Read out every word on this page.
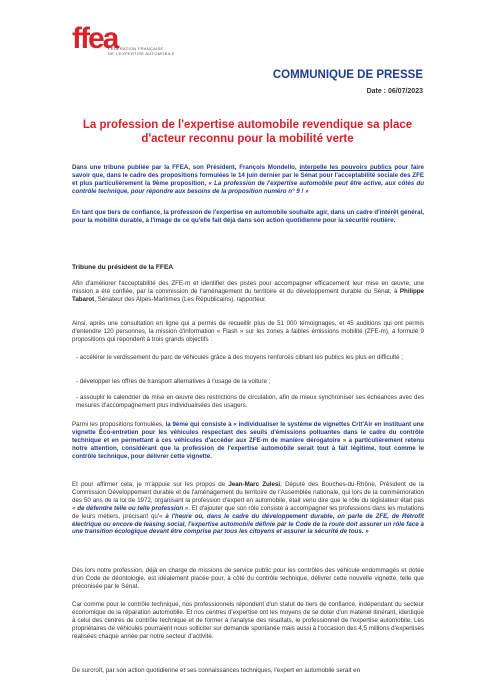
ffea
FÉDÉRATION FRANÇAISE
DE L'EXPERTISE AUTOMOBILE
COMMUNIQUE DE PRESSE
Date : 06/07/2023
La profession de l'expertise automobile revendique sa place
d'acteur reconnu pour la mobilité verte
Dans une tribune publiée par la FFEA, son Président, François Mondello, interpelle les pouvoirs publics pour faire savoir que, dans le cadre des propositions formulées le 14 juin dernier par le Sénat pour l'acceptabilité sociale des ZFE et plus particulièrement la 9ème proposition, « La profession de l'expertise automobile peut être active, aux côtés du contrôle technique, pour répondre aux besoins de la proposition numéro n° 9 ! »
En tant que tiers de confiance, la profession de l'expertise en automobile souhaite agir, dans un cadre d'intérêt général, pour la mobilité durable, à l'image de ce qu'elle fait déjà dans son action quotidienne pour la sécurité routière.
Tribune du président de la FFEA
Afin d'améliorer l'acceptabilité des ZFE-m et identifier des pistes pour accompagner efficacement leur mise en œuvre, une mission a été confiée, par la commission de l'aménagement du territoire et du développement durable du Sénat, à Philippe Tabarot, Sénateur des Alpes-Maritimes (Les Républicains), rapporteur.
Ainsi, après une consultation en ligne qui a permis de recueillir plus de 51 000 témoignages, et 45 auditions qui ont permis d'entendre 120 personnes, la mission d'information « Flash » sur les zones à faibles émissions mobilité (ZFE-m), a formulé 9 propositions qui répondent à trois grands objectifs :
- accélérer le verdissement du parc de véhicules grâce à des moyens renforcés ciblant les publics les plus en difficulté ;
- développer les offres de transport alternatives à l'usage de la voiture ;
- assouplir le calendrier de mise en œuvre des restrictions de circulation, afin de mieux synchroniser ses échéances avec des mesures d'accompagnement plus individualisées des usagers.
Parmi les propositions formulées, la 9ème qui consiste à « individualiser le système de vignettes Crit'Air en instituant une vignette Éco-entretien pour les véhicules respectant des seuils d'émissions polluantes dans le cadre du contrôle technique et en permettant à ces véhicules d'accéder aux ZFE-m de manière dérogatoire » a particulièrement retenu notre attention, considérant que la profession de l'expertise automobile serait tout à fait légitime, tout comme le contrôle technique, pour délivrer cette vignette.
Et pour affirmer cela, je m'appuie sur les propos de Jean-Marc Zulesi, Député des Bouches-du-Rhône, Président de la Commission Développement durable et de l'aménagement du territoire de l'Assemblée nationale, qui lors de la commémoration des 50 ans de la loi de 1972, organisant la profession d'expert en automobile, était venu dire que le rôle du législateur était pas « de défendre telle ou telle profession ». Et d'ajouter que son rôle consiste à accompagner les professions dans les mutations de leurs métiers, précisant qu'« à l'heure où, dans le cadre du développement durable, on parle de ZFE, de Rétrofit électrique ou encore de leasing social, l'expertise automobile définie par le Code de la route doit assurer un rôle face à une transition écologique devant être comprise par tous les citoyens et assurer la sécurité de tous. »
Dès lors notre profession, déjà en charge de missions de service public pour les contrôles des véhicule endommagés et dotée d'un Code de déontologie, est idéalement placée pour, à côté du contrôle technique, délivrer cette nouvelle vignette, telle que préconisée par le Sénat.
Car comme pour le contrôle technique, nos professionnels répondent d'un statut de tiers de confiance, indépendant du secteur économique de la réparation automobile. Et nos centres d'expertise ont les moyens de se doter d'un matériel itinérant, identique à celui des centres de contrôle technique et de former à l'analyse des résultats, le professionnel de l'expertise automobile. Les propriétaires de véhicules pourraient nous solliciter sur demande spontanée mais aussi à l'occasion des 4,5 millions d'expertises réalisées chaque année par notre secteur d'activité.
De surcroît, par son action quotidienne et ses connaissances techniques, l'expert en automobile serait en
